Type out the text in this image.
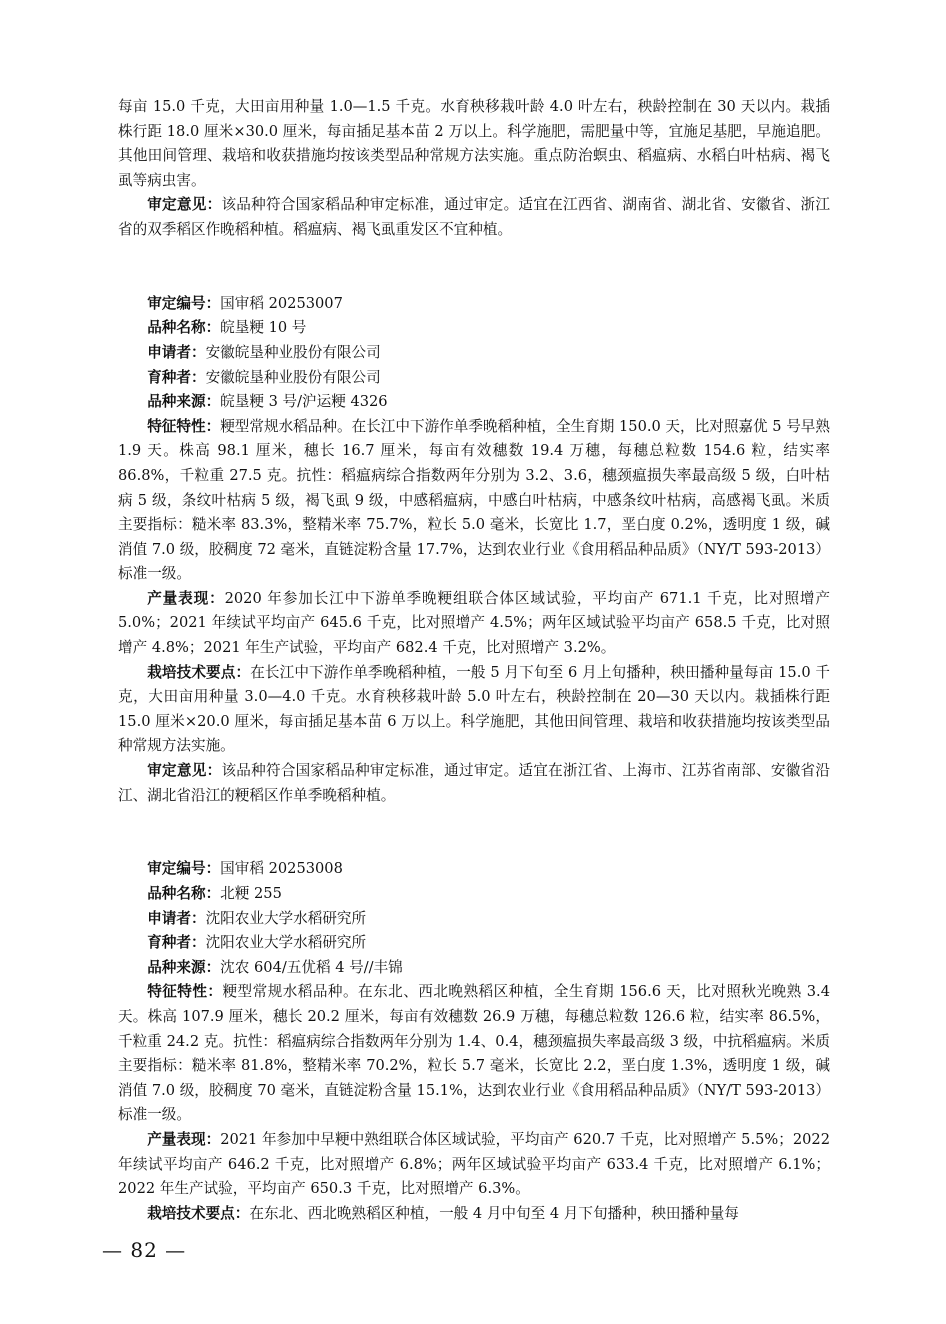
每亩 15.0 千克，大田亩用种量 1.0—1.5 千克。水育秧移栽叶龄 4.0 叶左右，秧龄控制在 30 天以内。栽插株行距 18.0 厘米×30.0 厘米，每亩插足基本苗 2 万以上。科学施肥，需肥量中等，宜施足基肥，早施追肥。其他田间管理、栽培和收获措施均按该类型品种常规方法实施。重点防治螟虫、稻瘟病、水稻白叶枯病、褐飞虱等病虫害。

审定意见：该品种符合国家稻品种审定标准，通过审定。适宜在江西省、湖南省、湖北省、安徽省、浙江省的双季稻区作晚稻种植。稻瘟病、褐飞虱重发区不宜种植。

审定编号：国审稻 20253007

品种名称：皖垦粳 10 号

申请者：安徽皖垦种业股份有限公司

育种者：安徽皖垦种业股份有限公司

品种来源：皖垦粳 3 号/沪运粳 4326

特征特性：粳型常规水稻品种。在长江中下游作单季晚稻种植，全生育期 150.0 天，比对照嘉优 5 号早熟 1.9 天。株高 98.1 厘米，穗长 16.7 厘米，每亩有效穗数 19.4 万穗，每穗总粒数 154.6 粒，结实率 86.8%，千粒重 27.5 克。抗性：稻瘟病综合指数两年分别为 3.2、3.6，穗颈瘟损失率最高级 5 级，白叶枯病 5 级，条纹叶枯病 5 级，褐飞虱 9 级，中感稻瘟病，中感白叶枯病，中感条纹叶枯病，高感褐飞虱。米质主要指标：糙米率 83.3%，整精米率 75.7%，粒长 5.0 毫米，长宽比 1.7，垩白度 0.2%，透明度 1 级，碱消值 7.0 级，胶稠度 72 毫米，直链淀粉含量 17.7%，达到农业行业《食用稻品种品质》（NY/T 593-2013）标准一级。

产量表现：2020 年参加长江中下游单季晚粳组联合体区域试验，平均亩产 671.1 千克，比对照增产 5.0%；2021 年续试平均亩产 645.6 千克，比对照增产 4.5%；两年区域试验平均亩产 658.5 千克，比对照增产 4.8%；2021 年生产试验，平均亩产 682.4 千克，比对照增产 3.2%。

栽培技术要点：在长江中下游作单季晚稻种植，一般 5 月下旬至 6 月上旬播种，秧田播种量每亩 15.0 千克，大田亩用种量 3.0—4.0 千克。水育秧移栽叶龄 5.0 叶左右，秧龄控制在 20—30 天以内。栽插株行距 15.0 厘米×20.0 厘米，每亩插足基本苗 6 万以上。科学施肥，其他田间管理、栽培和收获措施均按该类型品种常规方法实施。

审定意见：该品种符合国家稻品种审定标准，通过审定。适宜在浙江省、上海市、江苏省南部、安徽省沿江、湖北省沿江的粳稻区作单季晚稻种植。

审定编号：国审稻 20253008

品种名称：北粳 255

申请者：沈阳农业大学水稻研究所

育种者：沈阳农业大学水稻研究所

品种来源：沈农 604/五优稻 4 号//丰锦

特征特性：粳型常规水稻品种。在东北、西北晚熟稻区种植，全生育期 156.6 天，比对照秋光晚熟 3.4 天。株高 107.9 厘米，穗长 20.2 厘米，每亩有效穗数 26.9 万穗，每穗总粒数 126.6 粒，结实率 86.5%，千粒重 24.2 克。抗性：稻瘟病综合指数两年分别为 1.4、0.4，穗颈瘟损失率最高级 3 级，中抗稻瘟病。米质主要指标：糙米率 81.8%，整精米率 70.2%，粒长 5.7 毫米，长宽比 2.2，垩白度 1.3%，透明度 1 级，碱消值 7.0 级，胶稠度 70 毫米，直链淀粉含量 15.1%，达到农业行业《食用稻品种品质》（NY/T 593-2013）标准一级。

产量表现：2021 年参加中早粳中熟组联合体区域试验，平均亩产 620.7 千克，比对照增产 5.5%；2022 年续试平均亩产 646.2 千克，比对照增产 6.8%；两年区域试验平均亩产 633.4 千克，比对照增产 6.1%；2022 年生产试验，平均亩产 650.3 千克，比对照增产 6.3%。

栽培技术要点：在东北、西北晚熟稻区种植，一般 4 月中旬至 4 月下旬播种，秧田播种量每

— 82 —
